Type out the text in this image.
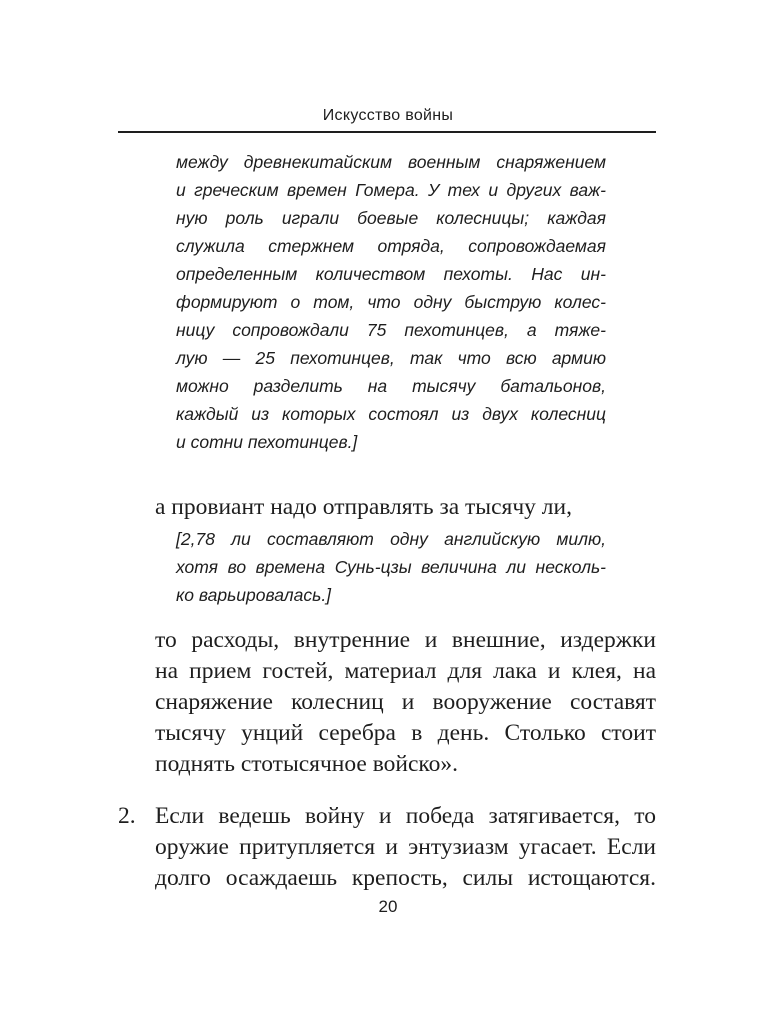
Искусство войны
между древнекитайским военным снаряжением
и греческим времен Гомера. У тех и других важ-
ную роль играли боевые колесницы; каждая
служила стержнем отряда, сопровождаемая
определенным количеством пехоты. Нас ин-
формируют о том, что одну быструю колес-
ницу сопровождали 75 пехотинцев, а тяже-
лую — 25 пехотинцев, так что всю армию
можно разделить на тысячу батальонов,
каждый из которых состоял из двух колесниц
и сотни пехотинцев.]
а провиант надо отправлять за тысячу ли,
[2,78 ли составляют одну английскую милю,
хотя во времена Сунь-цзы величина ли несколь-
ко варьировалась.]
то расходы, внутренние и внешние, издержки
на прием гостей, материал для лака и клея, на
снаряжение колесниц и вооружение составят
тысячу унций серебра в день. Столько стоит
поднять стотысячное войско».
2. Если ведешь войну и победа затягивается, то
оружие притупляется и энтузиазм угасает. Если
долго осаждаешь крепость, силы истощаются.
20
